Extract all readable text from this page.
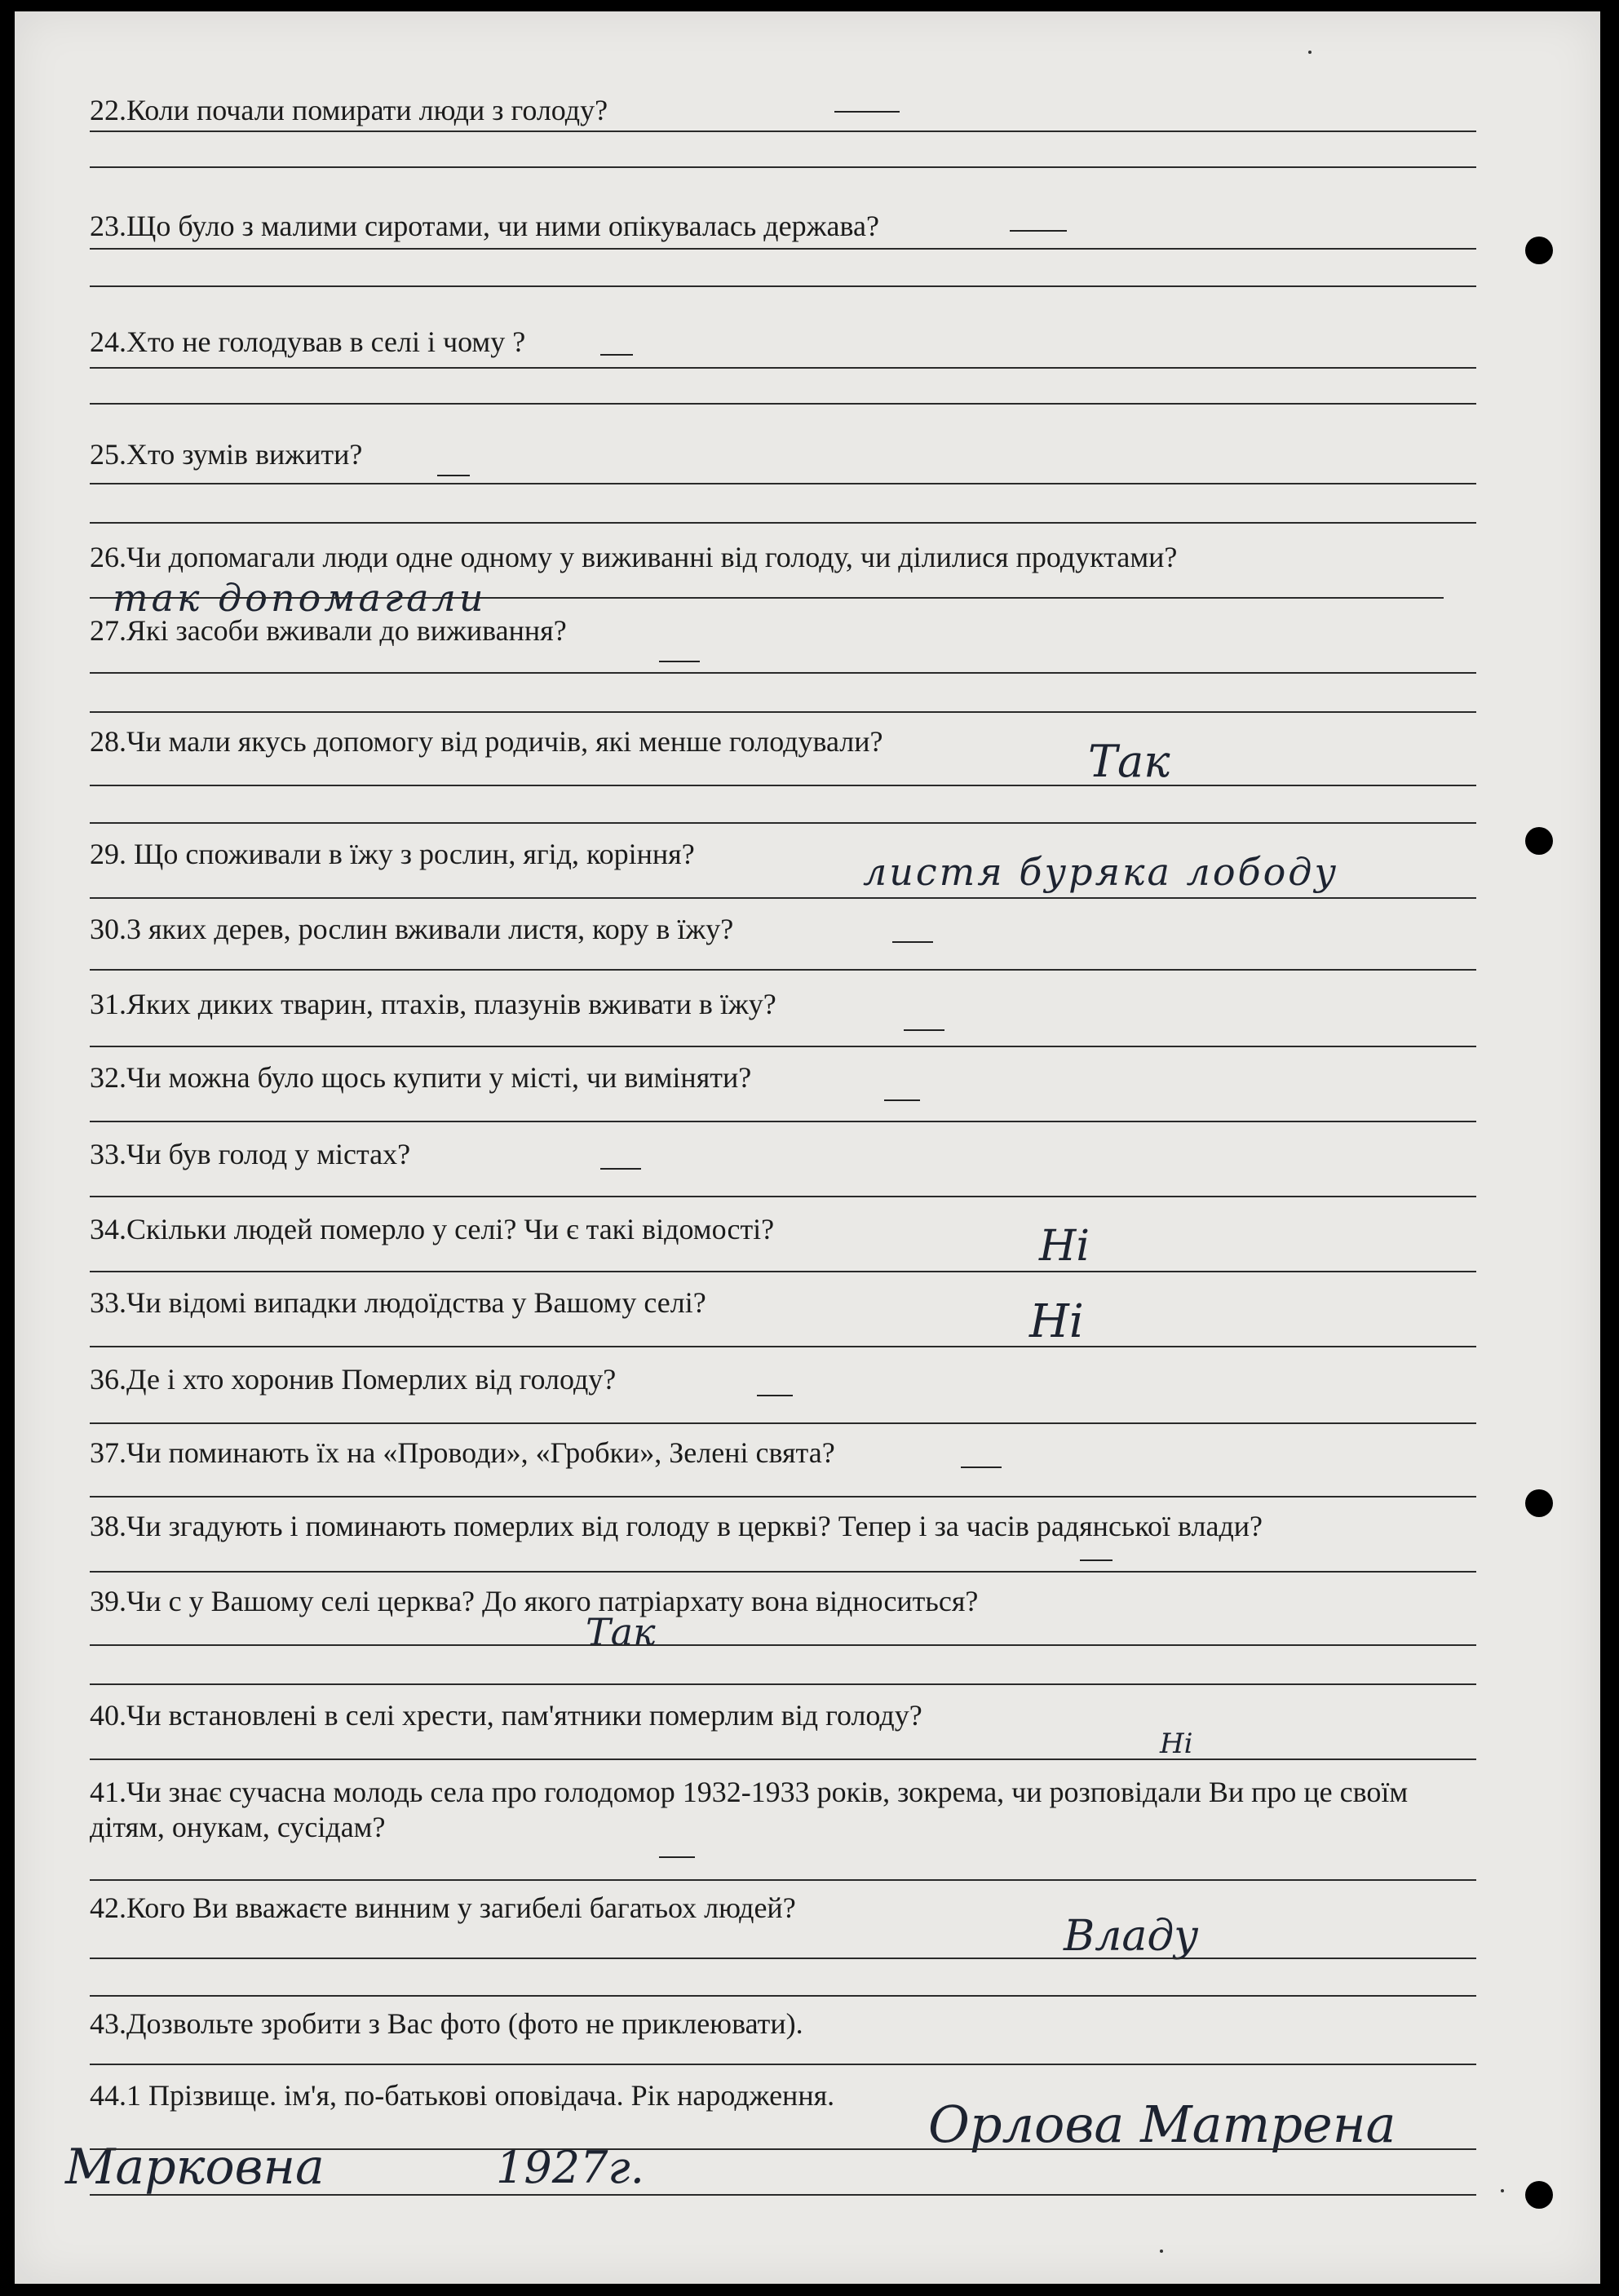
22.Коли почали помирати люди з голоду?
23.Що було з малими сиротами, чи ними опікувалась держава?
24.Хто не голодував в селі і чому ?
25.Хто зумів вижити?
26.Чи допомагали люди одне одному у виживанні від голоду, чи ділилися продуктами?
так допомагали
27.Які засоби вживали до виживання?
28.Чи мали якусь допомогу від родичів, які менше голодували?	Так
29. Що споживали в їжу з рослин, ягід, коріння?	листя буряка лободу
30.3 яких дерев, рослин вживали листя, кору в їжу?
31.Яких диких тварин, птахів, плазунів вживати в їжу?
32.Чи можна було щось купити у місті, чи виміняти?
33.Чи був голод у містах?
34.Скільки людей померло у селі? Чи є такі відомості?	Ні
33.Чи відомі випадки людоїдства у Вашому селі?	Ні
36.Де і хто хоронив Померлих від голоду?
37.Чи поминають їх на «Проводи», «Гробки», Зелені свята?
38.Чи згадують і поминають померлих від голоду в церкві? Тепер і за часів радянської влади?
39.Чи с у Вашому селі церква? До якого патріархату вона відноситься?
Так
40.Чи встановлені в селі хрести, пам'ятники померлим від голоду?
Ні
41.Чи знає сучасна молодь села про голодомор 1932-1933 років, зокрема, чи розповідали Ви про це своїм дітям, онукам, сусідам?
42.Кого Ви вважаєте винним у загибелі багатьох людей?
Владу
43.Дозвольте зробити з Вас фото (фото не приклеювати).
44.1 Прізвище. ім'я, по-батькові оповідача. Рік народження. Орлова Матрена
Марковна	1927г.
